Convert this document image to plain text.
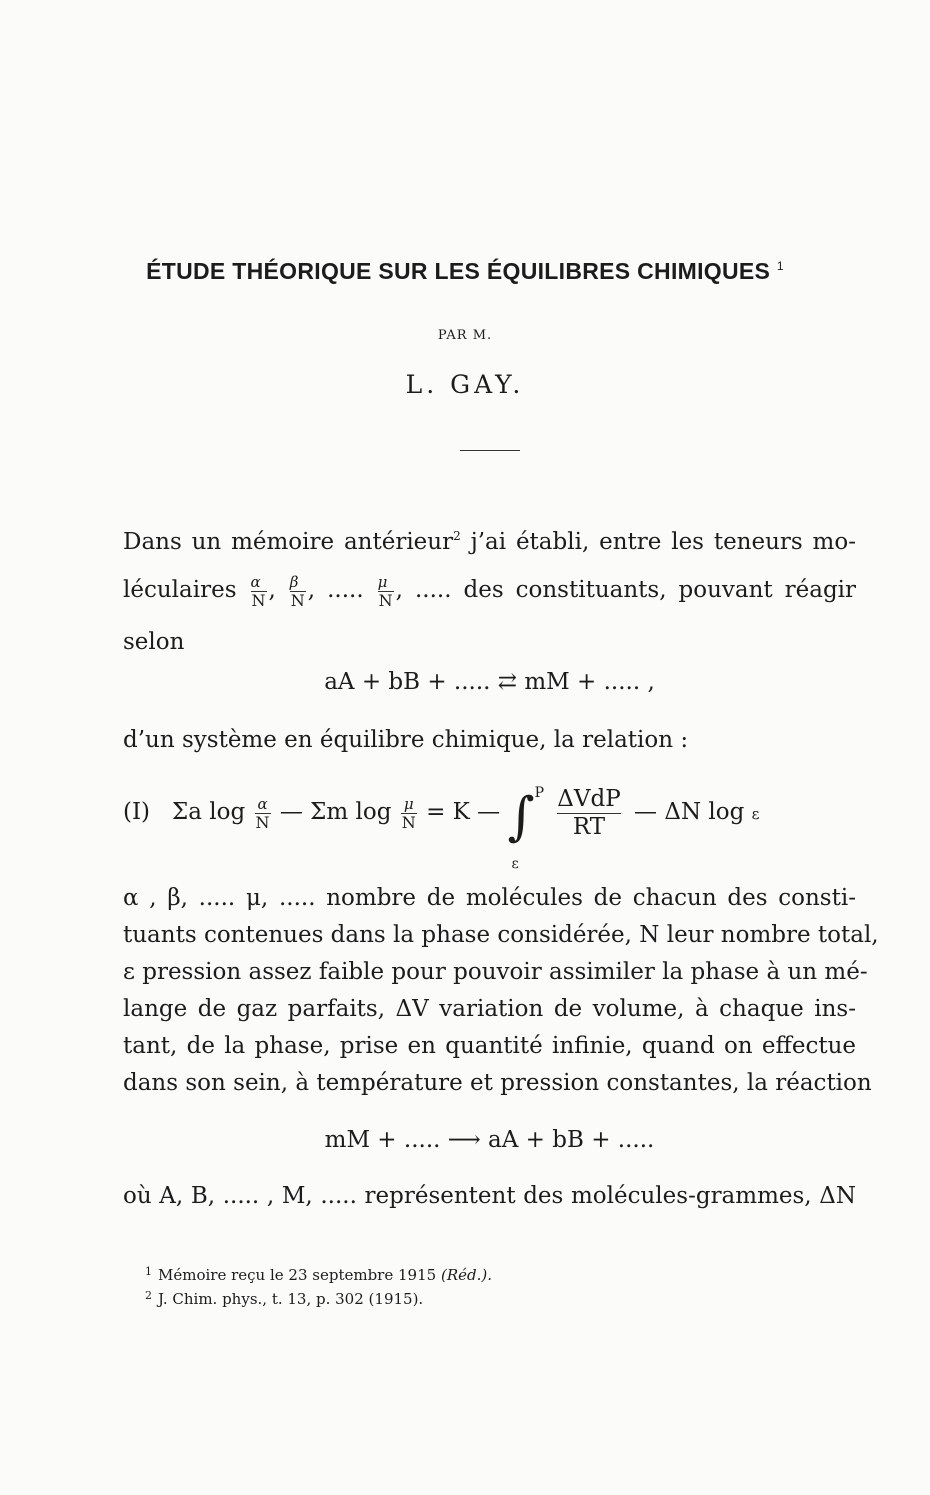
ÉTUDE THÉORIQUE SUR LES ÉQUILIBRES CHIMIQUES $^1$
PAR M.
L. GAY.
Dans un mémoire antérieur$^2$ j’ai établi, entre les teneurs mo-
léculaires $\frac{\alpha}{N}$ , $\frac{\beta}{N}$ , ..... $\frac{\mu}{N}$ , ..... des constituants, pouvant réagir
selon
aA + bB + ..... ⇄ mM + ..... ,
d’un système en équilibre chimique, la relation :
(I) Σa $\log \frac{\alpha}{N}$ — Σm $\log \frac{\mu}{N} = K$ — ∫$^P$
ε

$\frac{\text{ΔVdP}}{RT}$ — ΔN log ε
α , β, ..... μ, ..... nombre de molécules de chacun des consti-
tuants contenues dans la phase considérée, N leur nombre total,
ε pression assez faible pour pouvoir assimiler la phase à un mé-
lange de gaz parfaits, ΔV variation de volume, à chaque ins-
tant, de la phase, prise en quantité infinie, quand on effectue
dans son sein, à température et pression constantes, la réaction
mM + ..... ⟶ aA + bB + .....
où A, B, ..... , M, ..... représentent des molécules-grammes, ΔN
$^1$ Mémoire reçu le 23 septembre 1915 (Réd.).
$^2$ J. Chim. phys., t. 13, p. 302 (1915).
